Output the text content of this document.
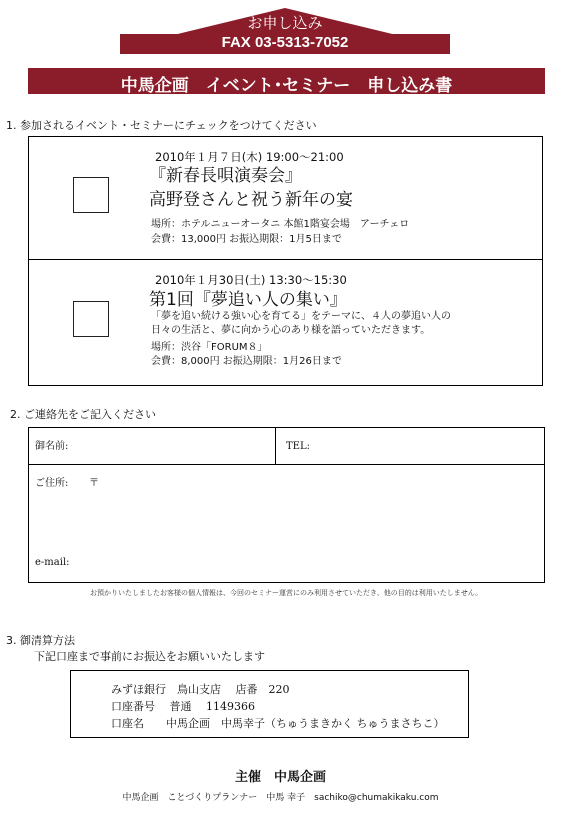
お申し込み
FAX 03-5313-7052
中馬企画　イベント･セミナー　申し込み書
1. 参加されるイベント・セミナーにチェックをつけてください
2010年１月７日(木) 19:00〜21:00
『新春長唄演奏会』
高野登さんと祝う新年の宴
場所：ホテルニューオータニ 本館1階宴会場　アーチェロ
会費：13,000円 お振込期限：1月5日まで
2010年１月30日(土) 13:30〜15:30
第1回『夢追い人の集い』
「夢を追い続ける強い心を育てる」をテーマに、４人の夢追い人の
日々の生活と、夢に向かう心のあり様を語っていただきます。
場所：渋谷「FORUM８」
会費：8,000円 お振込期限：1月26日まで
2. ご連絡先をご記入ください
御名前:	TEL:
ご住所: 〒
e-mail:
お預かりいたしましたお客様の個人情報は、今回のセミナー運営にのみ利用させていただき、他の目的は利用いたしません。
3. 御清算方法
下記口座まで事前にお振込をお願いいたします
みずほ銀行　鳥山支店　 店番　220
口座番号　 普通　 1149366
口座名　　中馬企画　中馬幸子（ちゅうまきかく ちゅうまさちこ）
主催　中馬企画
中馬企画　ことづくりプランナー　中馬 幸子　sachiko@chumakikaku.com
